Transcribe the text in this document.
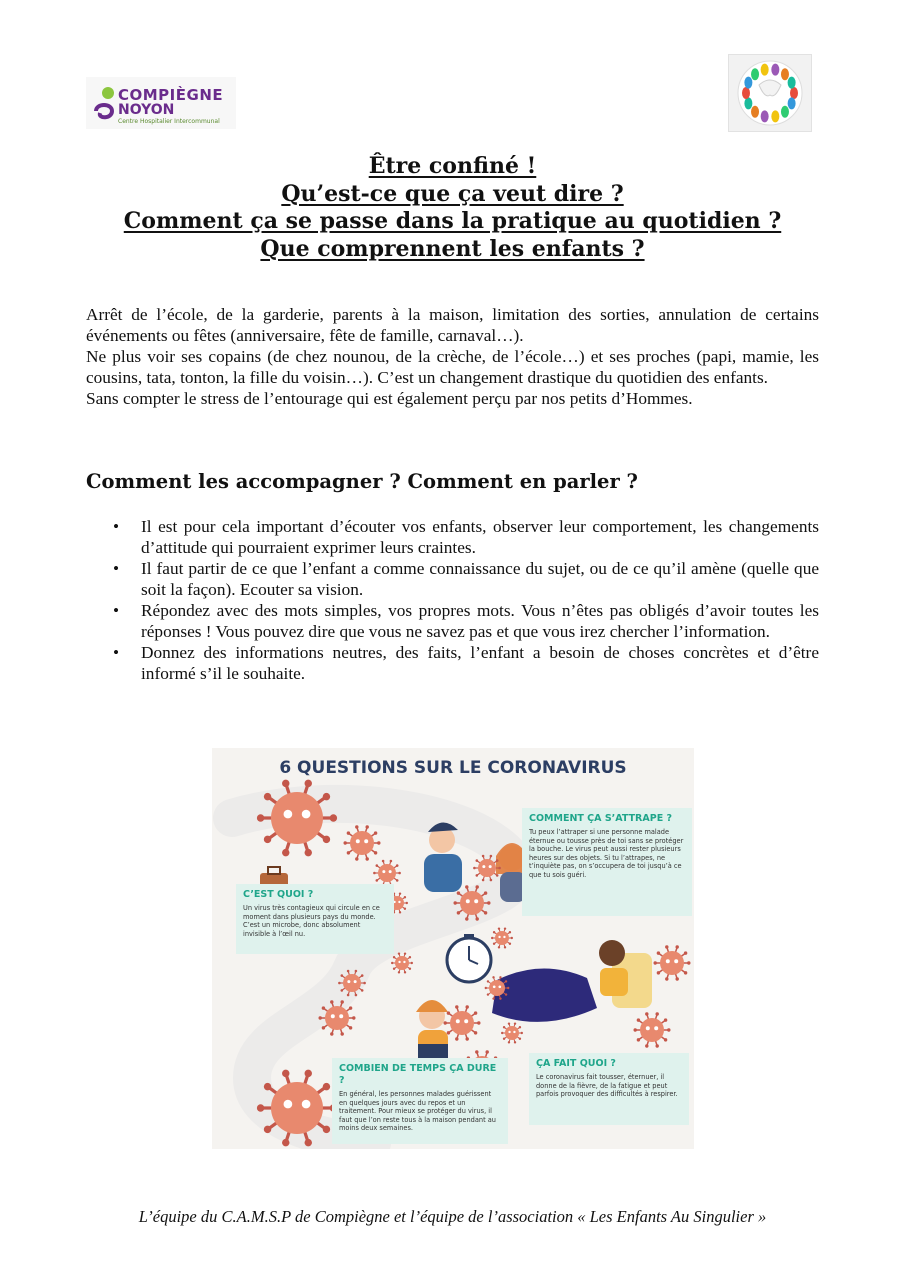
COMPIÈGNE
NOYON
Centre Hospitalier Intercommunal
Être confiné !
Qu’est-ce que ça veut dire ?
Comment ça se passe dans la pratique au quotidien ?
Que comprennent les enfants ?

Arrêt de l’école, de la garderie, parents à la maison, limitation des sorties, annulation de certains événements ou fêtes (anniversaire, fête de famille, carnaval…).

Ne plus voir ses copains (de chez nounou, de la crèche, de l’école…) et ses proches (papi, mamie, les cousins, tata, tonton, la fille du voisin…). C’est un changement drastique du quotidien des enfants.

Sans compter le stress de l’entourage qui est également perçu par nos petits d’Hommes.

Comment les accompagner ? Comment en parler ?
• Il est pour cela important d’écouter vos enfants, observer leur comportement, les changements d’attitude qui pourraient exprimer leurs craintes.
• Il faut partir de ce que l’enfant a comme connaissance du sujet, ou de ce qu’il amène (quelle que soit la façon). Ecouter sa vision.
• Répondez avec des mots simples, vos propres mots. Vous n’êtes pas obligés d’avoir toutes les réponses ! Vous pouvez dire que vous ne savez pas et que vous irez chercher l’information.
• Donnez des informations neutres, des faits, l’enfant a besoin de choses concrètes et d’être informé s’il le souhaite.
6 QUESTIONS SUR LE CORONAVIRUS
COMMENT ÇA S’ATTRAPE ?
Tu peux l’attraper si une personne malade éternue ou tousse près de toi sans se protéger la bouche. Le virus peut aussi rester plusieurs heures sur des objets. Si tu l’attrapes, ne t’inquiète pas, on s’occupera de toi jusqu’à ce que tu sois guéri.
C’EST QUOI ?
Un virus très contagieux qui circule en ce moment dans plusieurs pays du monde. C’est un microbe, donc absolument invisible à l’œil nu.
COMBIEN DE TEMPS ÇA DURE ?
En général, les personnes malades guérissent en quelques jours avec du repos et un traitement. Pour mieux se protéger du virus, il faut que l’on reste tous à la maison pendant au moins deux semaines.
ÇA FAIT QUOI ?
Le coronavirus fait tousser, éternuer, il donne de la fièvre, de la fatigue et peut parfois provoquer des difficultés à respirer.
L’équipe du C.A.M.S.P de Compiègne et l’équipe de l’association « Les Enfants Au Singulier »
